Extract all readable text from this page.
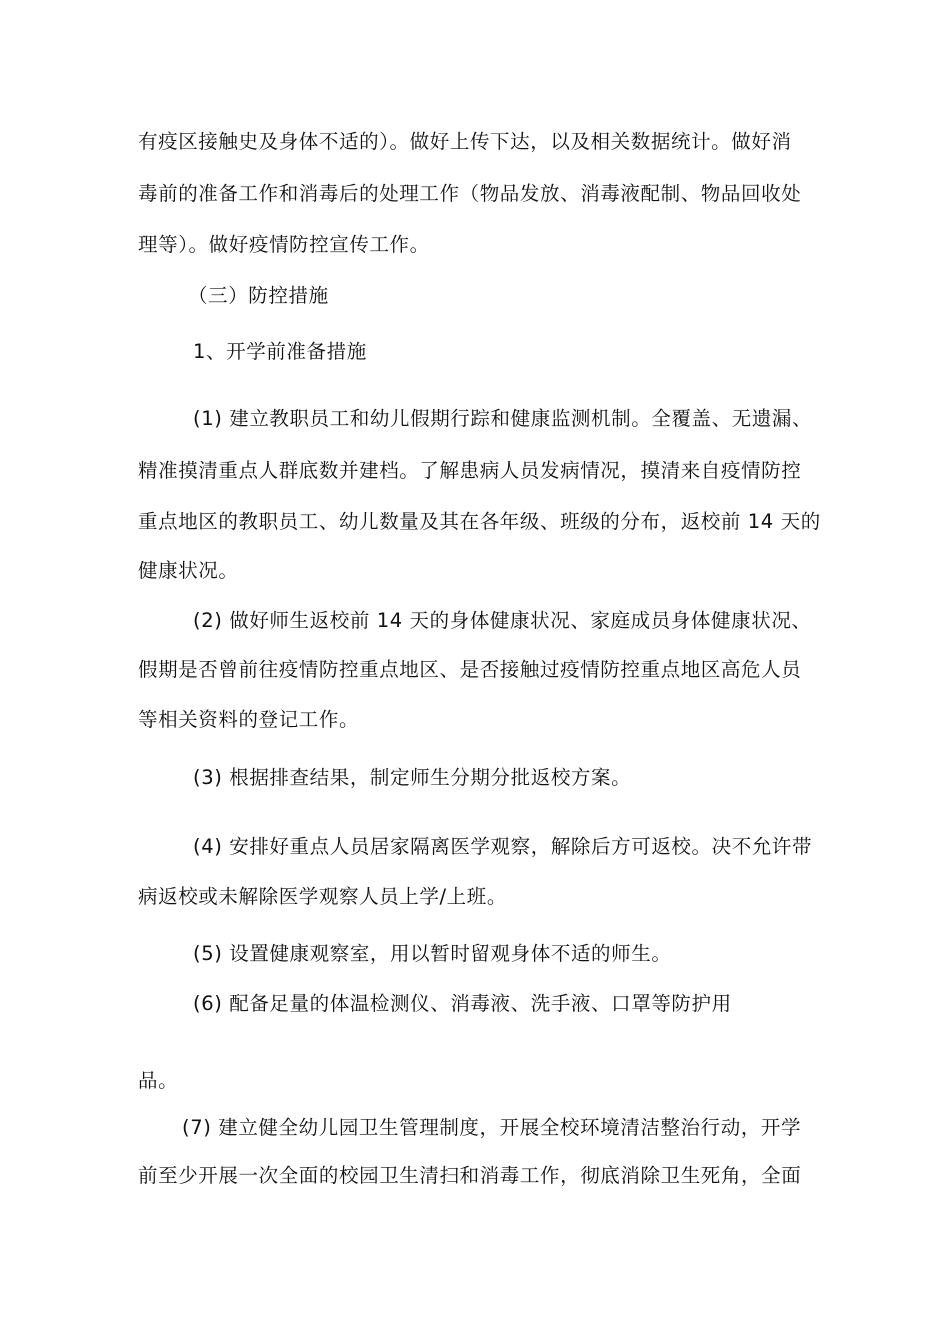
有疫区接触史及身体不适的）。做好上传下达，以及相关数据统计。做好消
毒前的准备工作和消毒后的处理工作（物品发放、消毒液配制、物品回收处
理等）。做好疫情防控宣传工作。
（三）防控措施
1、开学前准备措施
(1) 建立教职员工和幼儿假期行踪和健康监测机制。全覆盖、无遗漏、
精准摸清重点人群底数并建档。了解患病人员发病情况，摸清来自疫情防控
重点地区的教职员工、幼儿数量及其在各年级、班级的分布，返校前 14 天的
健康状况。
(2) 做好师生返校前 14 天的身体健康状况、家庭成员身体健康状况、
假期是否曾前往疫情防控重点地区、是否接触过疫情防控重点地区高危人员
等相关资料的登记工作。
(3) 根据排查结果，制定师生分期分批返校方案。
(4) 安排好重点人员居家隔离医学观察，解除后方可返校。决不允许带
病返校或未解除医学观察人员上学/上班。
(5) 设置健康观察室，用以暂时留观身体不适的师生。
(6) 配备足量的体温检测仪、消毒液、洗手液、口罩等防护用
品。
(7) 建立健全幼儿园卫生管理制度，开展全校环境清洁整治行动，开学
前至少开展一次全面的校园卫生清扫和消毒工作，彻底消除卫生死角，全面
